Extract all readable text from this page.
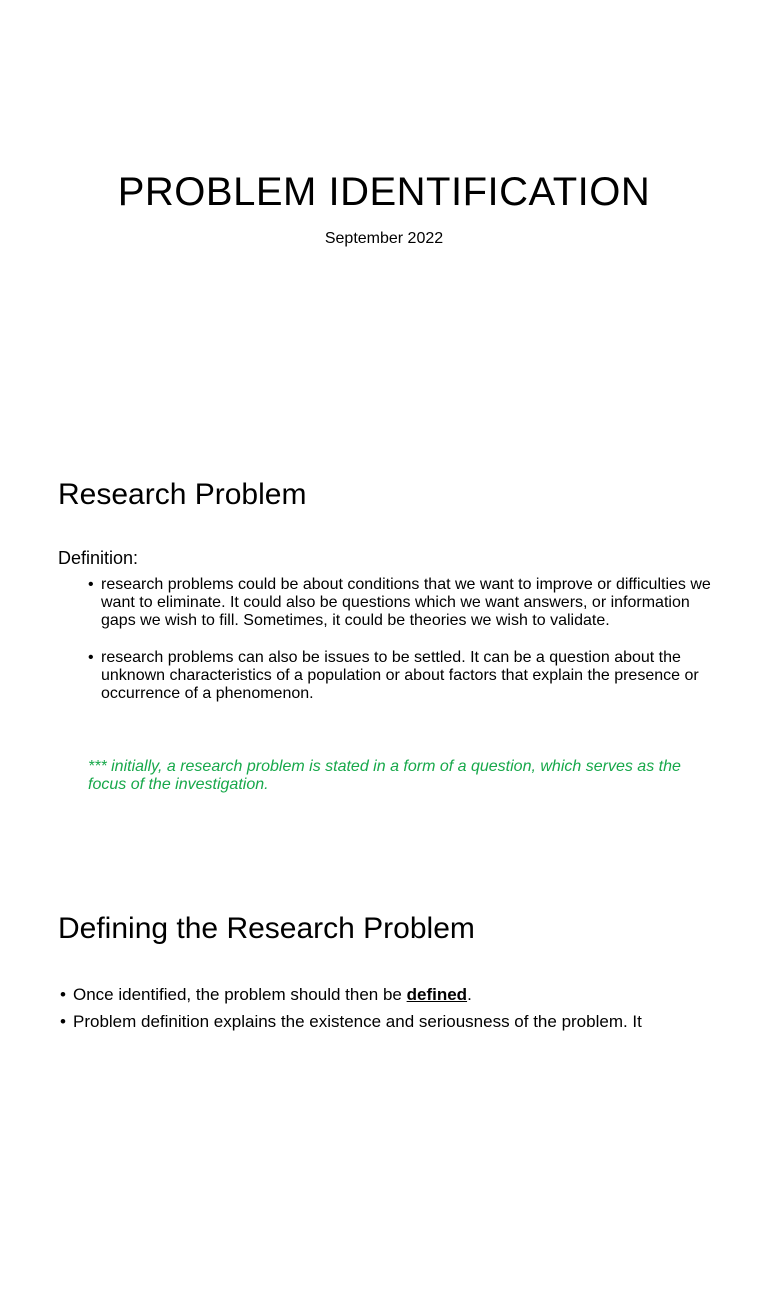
PROBLEM IDENTIFICATION
September 2022
Research Problem
Definition:
• research problems could be about conditions that we want to improve or difficulties we want to eliminate. It could also be questions which we want answers, or information gaps we wish to fill. Sometimes, it could be theories we wish to validate.
• research problems can also be issues to be settled. It can be a question about the unknown characteristics of a population or about factors that explain the presence or occurrence of a phenomenon.
*** initially, a research problem is stated in a form of a question, which serves as the focus of the investigation.
Defining the Research Problem
• Once identified, the problem should then be defined.
• Problem definition explains the existence and seriousness of the problem. It
